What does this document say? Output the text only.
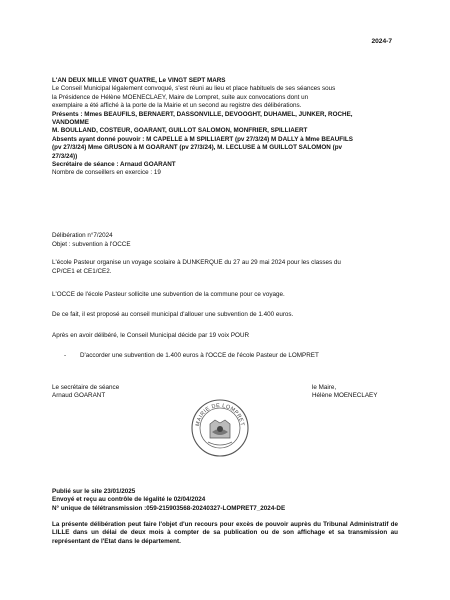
2024-7
L'AN DEUX MILLE VINGT QUATRE, Le VINGT SEPT MARS
Le Conseil Municipal légalement convoqué, s'est réuni au lieu et place habituels de ses séances sous
la Présidence de Hélène MOENECLAEY, Maire de Lompret, suite aux convocations dont un
exemplaire a été affiché à la porte de la Mairie et un second au registre des délibérations.
Présents : Mmes BEAUFILS, BERNAERT, DASSONVILLE, DEVOOGHT, DUHAMEL, JUNKER, ROCHE,
VANDOMME
M. BOULLAND, COSTEUR, GOARANT, GUILLOT SALOMON, MONFRIER, SPILLIAERT
Absents ayant donné pouvoir : M CAPELLE à M SPILLIAERT (pv 27/3/24) M DALLY à Mme BEAUFILS
(pv 27/3/24) Mme GRUSON à M GOARANT (pv 27/3/24), M. LECLUSE à M GUILLOT SALOMON (pv
27/3/24))
Secrétaire de séance : Arnaud GOARANT
Nombre de conseillers en exercice : 19
Délibération n°7/2024
Objet : subvention à l'OCCE
L'école Pasteur organise un voyage scolaire à DUNKERQUE du 27 au 29 mai 2024 pour les classes du
CP/CE1 et CE1/CE2.
L'OCCE de l'école Pasteur sollicite une subvention de la commune pour ce voyage.
De ce fait, il est proposé au conseil municipal d'allouer une subvention de 1.400 euros.
Après en avoir délibéré, le Conseil Municipal décide par 19 voix POUR
- D'accorder une subvention de 1.400 euros à l'OCCE de l'école Pasteur de LOMPRET
Le secrétaire de séance
Arnaud GOARANT
le Maire,
Hélène MOENECLAEY
MAIRIE DE LOMPRET
Publié sur le site 23/01/2025
Envoyé et reçu au contrôle de légalité le 02/04/2024
N° unique de télétransmission :059-215903568-20240327-LOMPRET7_2024-DE
La présente délibération peut faire l'objet d'un recours pour excès de pouvoir auprès du Tribunal Administratif de LILLE dans un délai de deux mois à compter de sa publication ou de son affichage et sa transmission au représentant de l'Etat dans le département.
